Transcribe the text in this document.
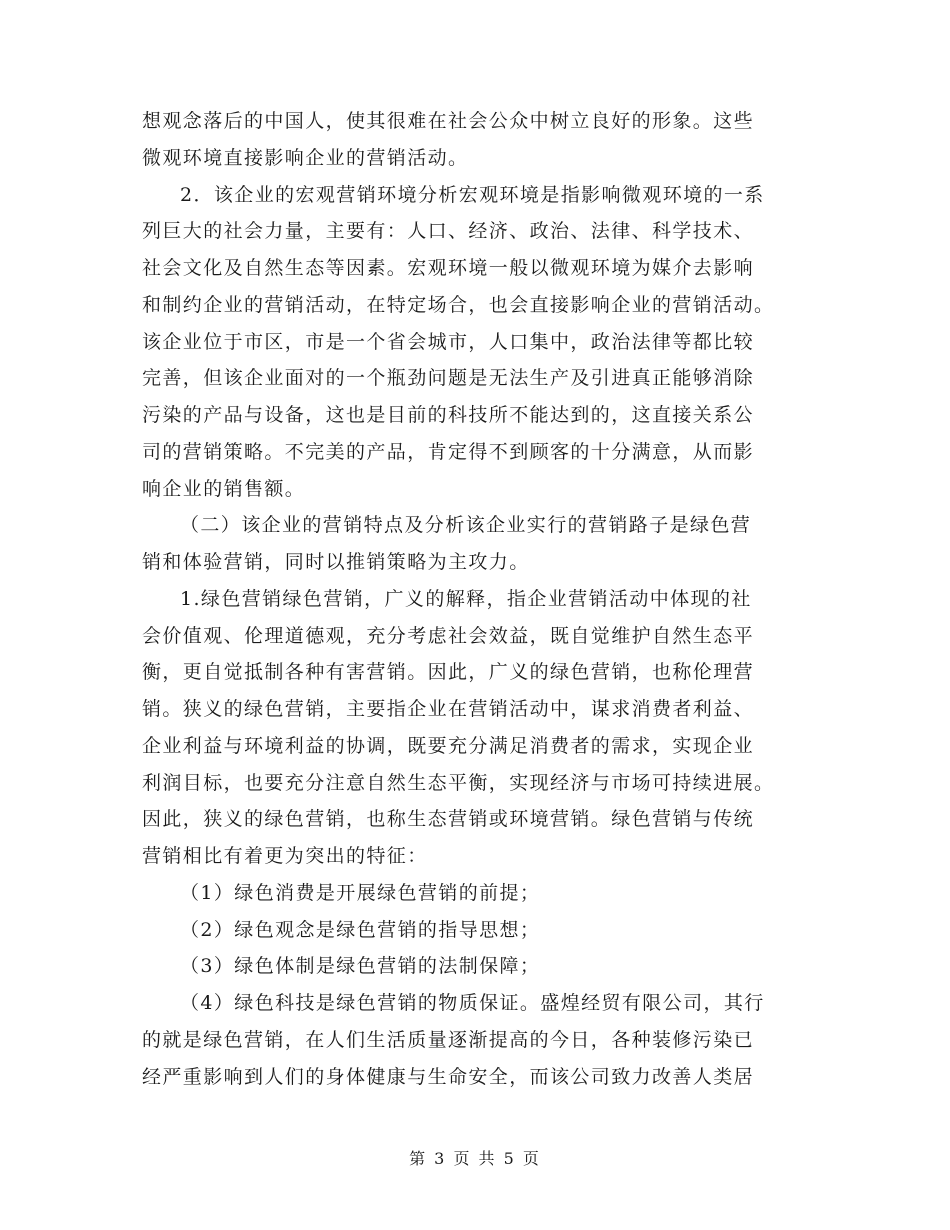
想观念落后的中国人，使其很难在社会公众中树立良好的形象。这些
微观环境直接影响企业的营销活动。
2．该企业的宏观营销环境分析宏观环境是指影响微观环境的一系
列巨大的社会力量，主要有：人口、经济、政治、法律、科学技术、
社会文化及自然生态等因素。宏观环境一般以微观环境为媒介去影响
和制约企业的营销活动，在特定场合，也会直接影响企业的营销活动。
该企业位于市区，市是一个省会城市，人口集中，政治法律等都比较
完善，但该企业面对的一个瓶劲问题是无法生产及引进真正能够消除
污染的产品与设备，这也是目前的科技所不能达到的，这直接关系公
司的营销策略。不完美的产品，肯定得不到顾客的十分满意，从而影
响企业的销售额。
（二）该企业的营销特点及分析该企业实行的营销路子是绿色营
销和体验营销，同时以推销策略为主攻力。
1.绿色营销绿色营销，广义的解释，指企业营销活动中体现的社
会价值观、伦理道德观，充分考虑社会效益，既自觉维护自然生态平
衡，更自觉抵制各种有害营销。因此，广义的绿色营销，也称伦理营
销。狭义的绿色营销，主要指企业在营销活动中，谋求消费者利益、
企业利益与环境利益的协调，既要充分满足消费者的需求，实现企业
利润目标，也要充分注意自然生态平衡，实现经济与市场可持续进展。
因此，狭义的绿色营销，也称生态营销或环境营销。绿色营销与传统
营销相比有着更为突出的特征：
（1）绿色消费是开展绿色营销的前提；
（2）绿色观念是绿色营销的指导思想；
（3）绿色体制是绿色营销的法制保障；
（4）绿色科技是绿色营销的物质保证。盛煌经贸有限公司，其行
的就是绿色营销，在人们生活质量逐渐提高的今日，各种装修污染已
经严重影响到人们的身体健康与生命安全，而该公司致力改善人类居
第 3 页 共 5 页
